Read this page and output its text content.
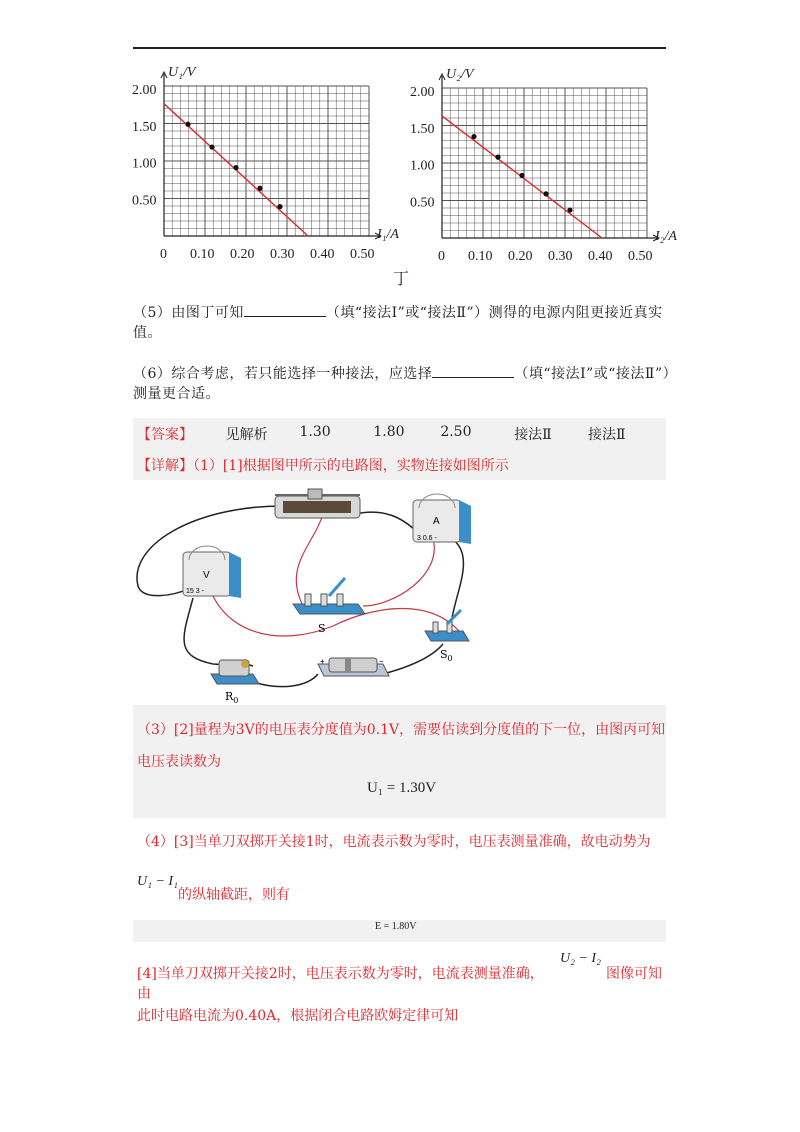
2.00
1.50
1.00
0.50
0 0.10 0.20 0.30 0.40 0.50
U₁/V
I₁/A
2.00
1.50
1.00
0.50
0 0.10 0.20 0.30 0.40 0.50
U₂/V
I₂/A
丁
（5）由图丁可知	（填“接法Ⅰ”或“接法Ⅱ”）测得的电源内阻更接近真实值。
（6）综合考虑，若只能选择一种接法，应选择	（填“接法Ⅰ”或“接法Ⅱ”）测量更合适。
【答案】	见解析	1.30	1.80	2.50	接法Ⅱ	接法Ⅱ
【详解】（1）[1]根据图甲所示的电路图，实物连接如图所示
A
3 0.6 -
V
15 3 -
S
$S_0$
+	−
$R_0$
（3）[2]量程为3V的电压表分度值为0.1V，需要估读到分度值的下一位，由图丙可知
电压表读数为
U₁ = 1.30V
（4）[3]当单刀双掷开关接1时，电流表示数为零时，电压表测量准确，故电动势为
U₁ − I₁
的纵轴截距，则有
E = 1.80V
[4]当单刀双掷开关接2时，电压表示数为零时，电流表测量准确，由
U₂ − I₂
图像可知
此时电路电流为0.40A，根据闭合电路欧姆定律可知
